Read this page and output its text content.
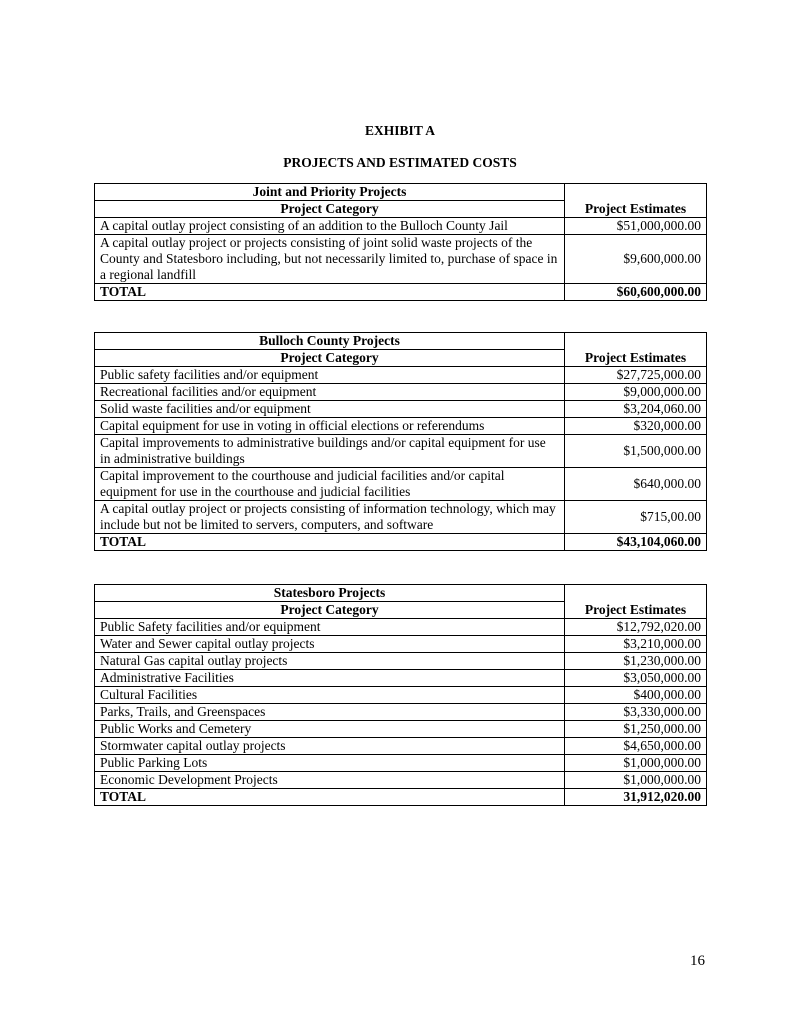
EXHIBIT A
PROJECTS AND ESTIMATED COSTS
Joint and Priority Projects	
Project Category	Project Estimates
A capital outlay project consisting of an addition to the Bulloch County Jail	$51,000,000.00
A capital outlay project or projects consisting of joint solid waste projects of the County and Statesboro including, but not necessarily limited to, purchase of space in a regional landfill	$9,600,000.00
TOTAL	$60,600,000.00
Bulloch County Projects	
Project Category	Project Estimates
Public safety facilities and/or equipment	$27,725,000.00
Recreational facilities and/or equipment	$9,000,000.00
Solid waste facilities and/or equipment	$3,204,060.00
Capital equipment for use in voting in official elections or referendums	$320,000.00
Capital improvements to administrative buildings and/or capital equipment for use in administrative buildings	$1,500,000.00
Capital improvement to the courthouse and judicial facilities and/or capital equipment for use in the courthouse and judicial facilities	$640,000.00
A capital outlay project or projects consisting of information technology, which may include but not be limited to servers, computers, and software	$715,00.00
TOTAL	$43,104,060.00
Statesboro Projects	
Project Category	Project Estimates
Public Safety facilities and/or equipment	$12,792,020.00
Water and Sewer capital outlay projects	$3,210,000.00
Natural Gas capital outlay projects	$1,230,000.00
Administrative Facilities	$3,050,000.00
Cultural Facilities	$400,000.00
Parks, Trails, and Greenspaces	$3,330,000.00
Public Works and Cemetery	$1,250,000.00
Stormwater capital outlay projects	$4,650,000.00
Public Parking Lots	$1,000,000.00
Economic Development Projects	$1,000,000.00
TOTAL	31,912,020.00
16
